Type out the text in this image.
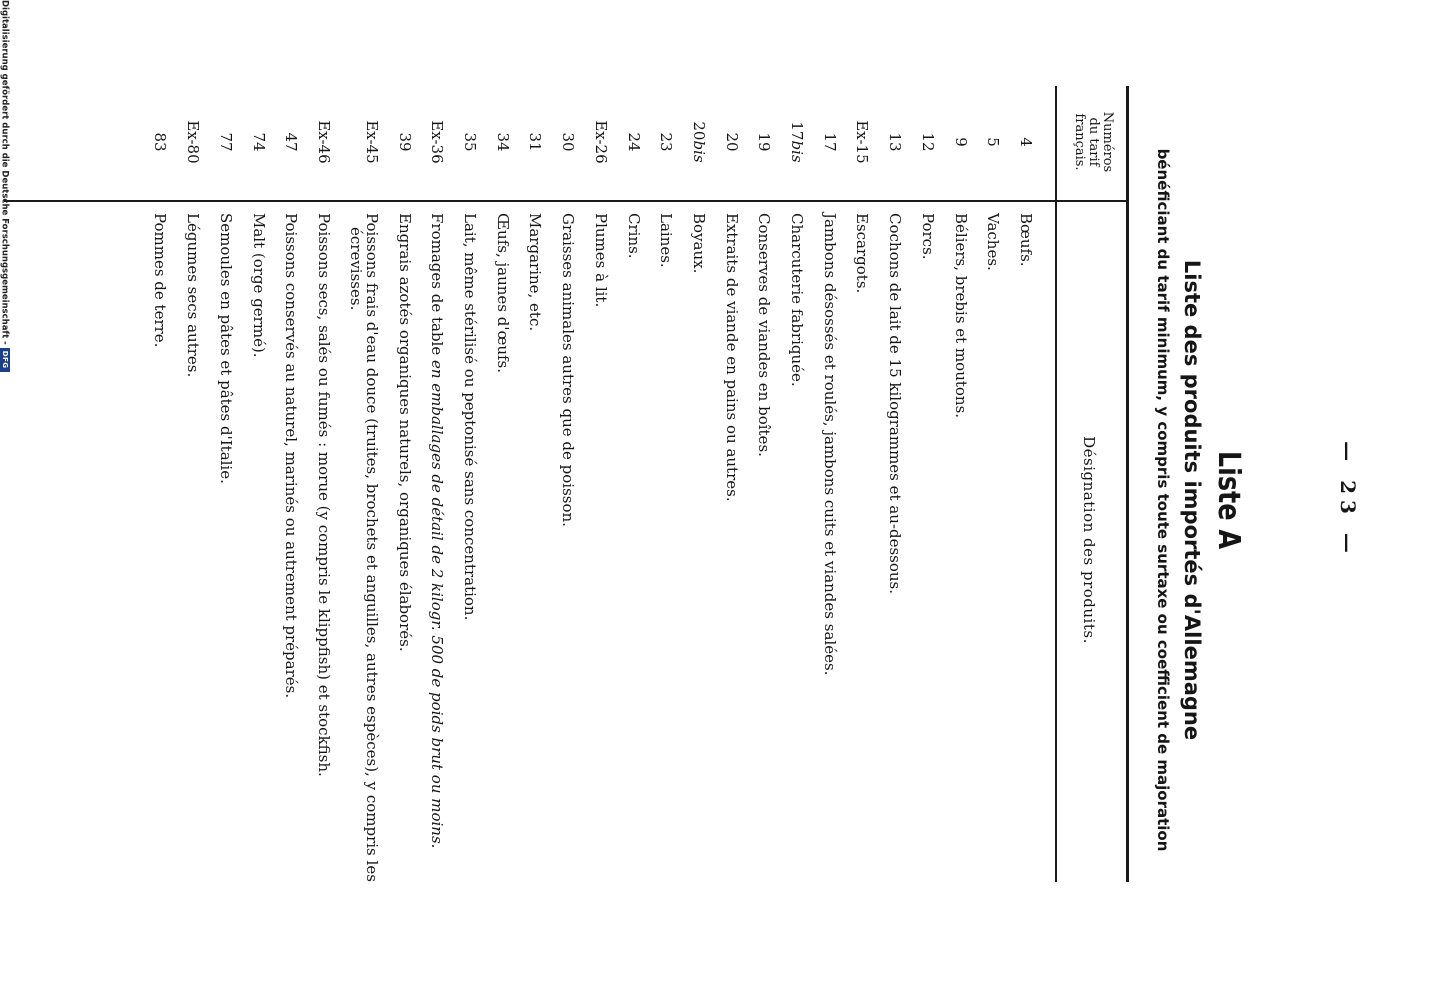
— 23 —
Liste A
Liste des produits importés d'Allemagne
bénéficiant du tarif minimum, y compris toute surtaxe ou coefficient de majoration
Numéros
du tarif
français.
Désignation des produits.
4
Bœufs.
5
Vaches.
9
Béliers, brebis et moutons.
12
Porcs.
13
Cochons de lait de 15 kilogrammes et au-dessous.
Ex-15
Escargots.
17
Jambons désossés et roulés, jambons cuits et viandes salées.
17bis
Charcuterie fabriquée.
19
Conserves de viandes en boîtes.
20
Extraits de viande en pains ou autres.
20bis
Boyaux.
23
Laines.
24
Crins.
Ex-26
Plumes à lit.
30
Graisses animales autres que de poisson.
31
Margarine, etc.
34
Œufs, jaunes d'œufs.
35
Lait, même stérilisé ou peptonisé sans concentration.
Ex-36
Fromages de table en emballages de détail de 2 kilogr. 500 de poids brut ou moins.
39
Engrais azotés organiques naturels, organiques élaborés.
Ex-45
Poissons frais d'eau douce (truites, brochets et anguilles, autres espèces), y compris les
écrevisses.
Ex-46
Poissons secs, salés ou fumés : morue (y compris le klippfish) et stockfish.
47
Poissons conservés au naturel, marinés ou autrement préparés.
74
Malt (orge germé).
77
Semoules en pâtes et pâtes d'Italie.
Ex-80
Légumes secs autres.
83
Pommes de terre.
Digitalisierung gefördert durch die Deutsche Forschungsgemeinschaft -DFG
